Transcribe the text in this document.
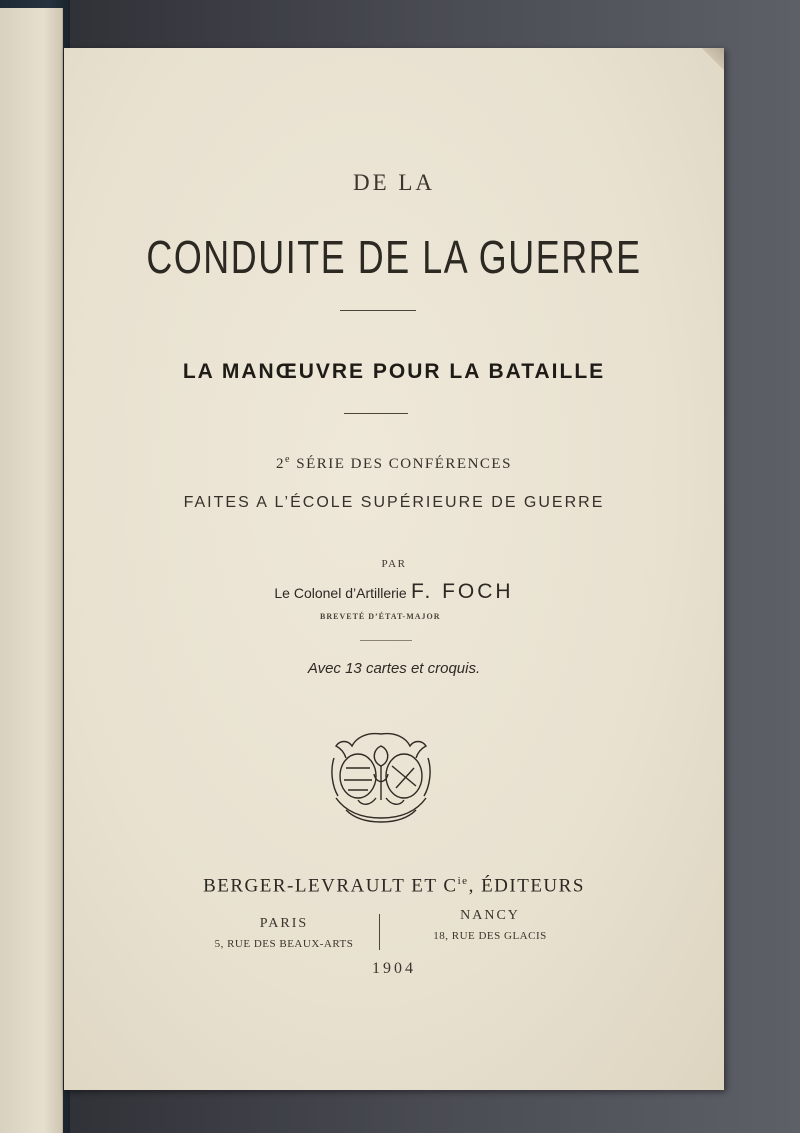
DE LA
CONDUITE DE LA GUERRE
LA MANŒUVRE POUR LA BATAILLE
2e SÉRIE DES CONFÉRENCES
FAITES A L’ÉCOLE SUPÉRIEURE DE GUERRE
PAR
Le Colonel d’Artillerie F. FOCH
BREVETÉ D’ÉTAT-MAJOR
Avec 13 cartes et croquis.
BERGER-LEVRAULT ET $C^{ie}$, ÉDITEURS
PARIS
5, RUE DES BEAUX-ARTS
NANCY
18, RUE DES GLACIS
1904
